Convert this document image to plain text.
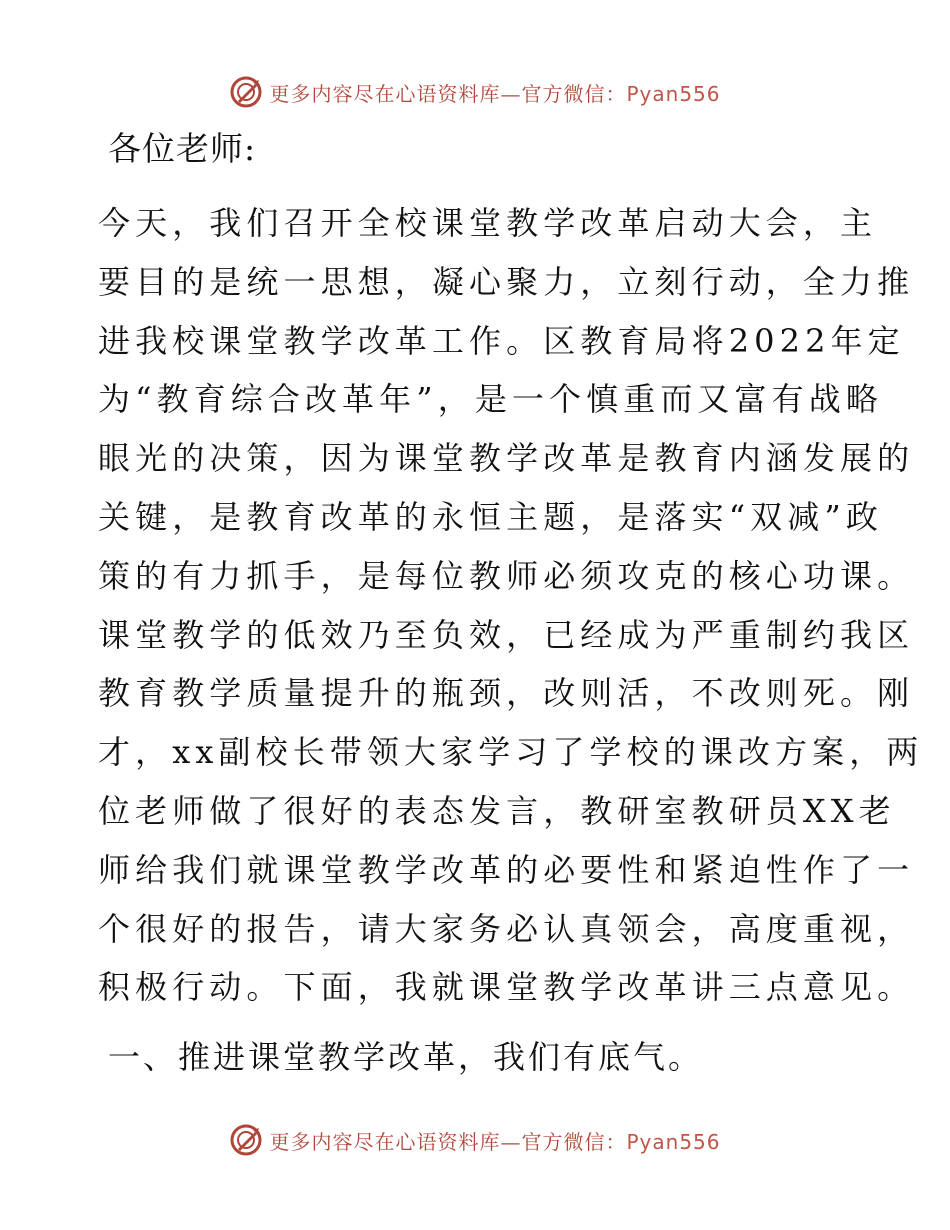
更多内容尽在心语资料库—官方微信：Pyan556

各位老师:

今天，我们召开全校课堂教学改革启动大会，主
要目的是统一思想，凝心聚力，立刻行动，全力推
进我校课堂教学改革工作。区教育局将2022年定
为“教育综合改革年”，是一个慎重而又富有战略
眼光的决策，因为课堂教学改革是教育内涵发展的
关键，是教育改革的永恒主题，是落实“双减”政
策的有力抓手，是每位教师必须攻克的核心功课。
课堂教学的低效乃至负效，已经成为严重制约我区
教育教学质量提升的瓶颈，改则活，不改则死。刚
才，xx副校长带领大家学习了学校的课改方案，两
位老师做了很好的表态发言，教研室教研员XX老
师给我们就课堂教学改革的必要性和紧迫性作了一
个很好的报告，请大家务必认真领会，高度重视，
积极行动。下面，我就课堂教学改革讲三点意见。

一、推进课堂教学改革，我们有底气。

更多内容尽在心语资料库—官方微信：Pyan556
